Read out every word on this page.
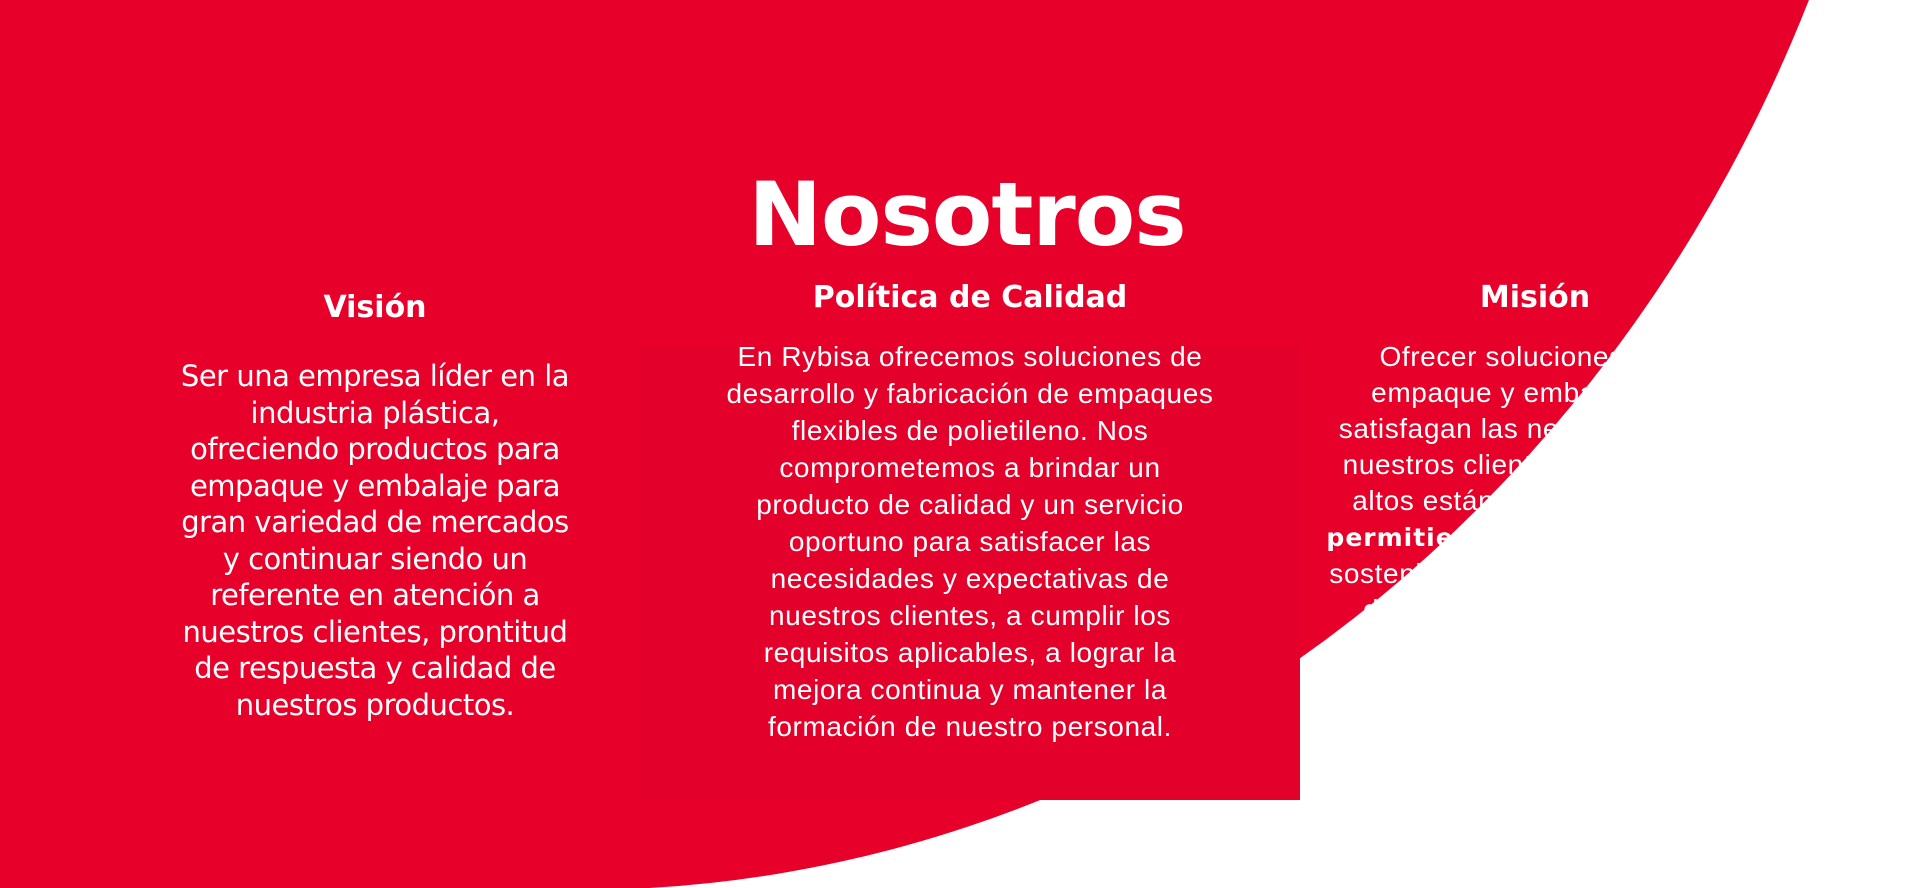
Nosotros
Visión

Ser una empresa líder en la
industria plástica,
ofreciendo productos para
empaque y embalaje para
gran variedad de mercados
y continuar siendo un
referente en atención a
nuestros clientes, prontitud
de respuesta y calidad de
nuestros productos.

Política de Calidad

En Rybisa ofrecemos soluciones de
desarrollo y fabricación de empaques
flexibles de polietileno. Nos
comprometemos a brindar un
producto de calidad y un servicio
oportuno para satisfacer las
necesidades y expectativas de
nuestros clientes, a cumplir los
requisitos aplicables, a lograr la
mejora continua y mantener la
formación de nuestro personal.

Misión

Ofrecer soluciones para
empaque y embalaje que
satisfagan las necesidades de
nuestros clientes con los más
altos estándares de calidad,
permitiendo un crecimiento
sostenido a través de la calidad
de nuestros productos y el
tiempo de respuesta.
